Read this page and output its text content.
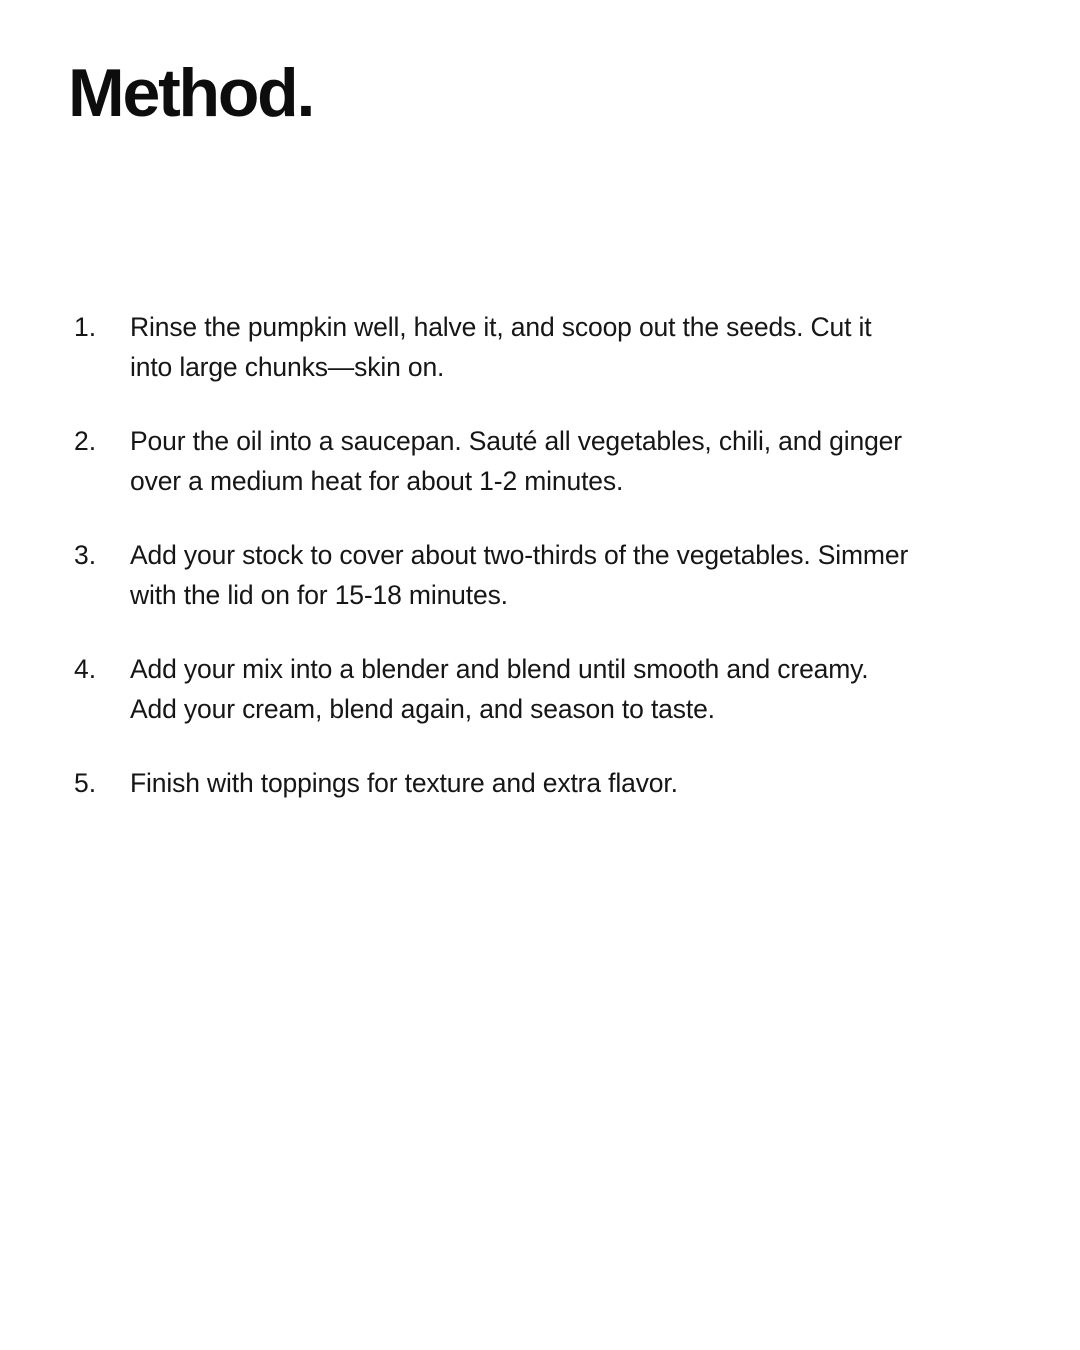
Method.
1.	Rinse the pumpkin well, halve it, and scoop out the seeds. Cut it into large chunks—skin on.
2.	Pour the oil into a saucepan. Sauté all vegetables, chili, and ginger over a medium heat for about 1-2 minutes.
3.	Add your stock to cover about two-thirds of the vegetables. Simmer with the lid on for 15-18 minutes.
4.	Add your mix into a blender and blend until smooth and creamy. Add your cream, blend again, and season to taste.
5.	Finish with toppings for texture and extra flavor.
